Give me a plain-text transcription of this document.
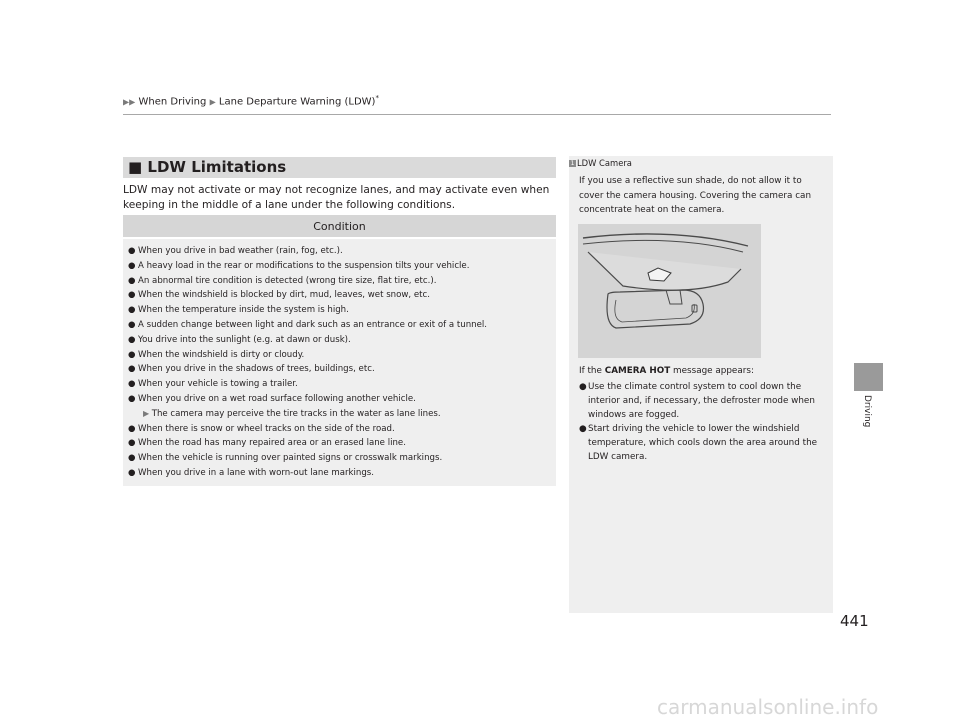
▶▶ When Driving ▶ Lane Departure Warning (LDW)*
Driving
■ LDW Limitations
LDW may not activate or may not recognize lanes, and may activate even when keeping in the middle of a lane under the following conditions.
Condition
● When you drive in bad weather (rain, fog, etc.).
● A heavy load in the rear or modifications to the suspension tilts your vehicle.
● An abnormal tire condition is detected (wrong tire size, flat tire, etc.).
● When the windshield is blocked by dirt, mud, leaves, wet snow, etc.
● When the temperature inside the system is high.
● A sudden change between light and dark such as an entrance or exit of a tunnel.
● You drive into the sunlight (e.g. at dawn or dusk).
● When the windshield is dirty or cloudy.
● When you drive in the shadows of trees, buildings, etc.
● When your vehicle is towing a trailer.
● When you drive on a wet road surface following another vehicle.
▶ The camera may perceive the tire tracks in the water as lane lines.
● When there is snow or wheel tracks on the side of the road.
● When the road has many repaired area or an erased lane line.
● When the vehicle is running over painted signs or crosswalk markings.
● When you drive in a lane with worn-out lane markings.
1 LDW Camera
If you use a reflective sun shade, do not allow it to cover the camera housing. Covering the camera can concentrate heat on the camera.
If the CAMERA HOT message appears:
● Use the climate control system to cool down the interior and, if necessary, the defroster mode when windows are fogged.
● Start driving the vehicle to lower the windshield temperature, which cools down the area around the LDW camera.
441
carmanualsonline.info
